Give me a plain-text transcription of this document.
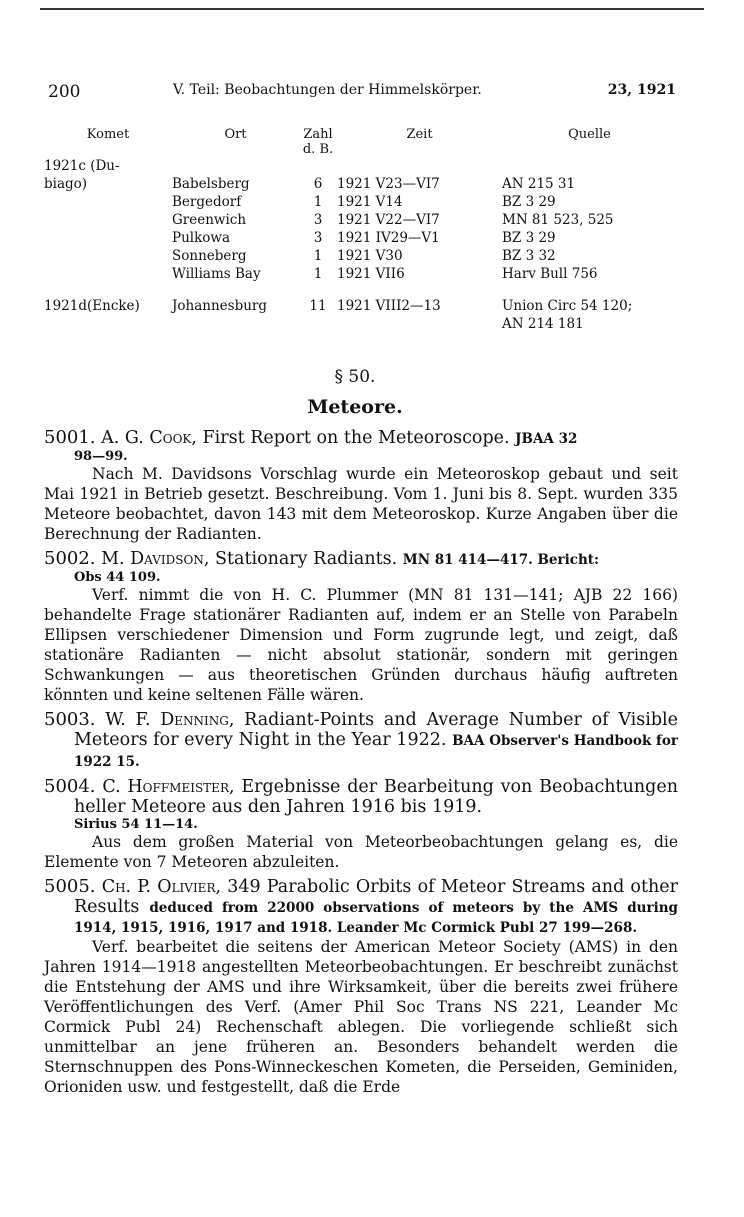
200	V. Teil: Beobachtungen der Himmelskörper.	23, 1921
Komet	Ort	Zahl d. B.	Zeit	Quelle
1921c (Du-				
biago)	Babelsberg	6	1921 V23—VI7	AN 215 31
	Bergedorf	1	1921 V14	BZ 3 29
	Greenwich	3	1921 V22—VI7	MN 81 523, 525
	Pulkowa	3	1921 IV29—V1	BZ 3 29
	Sonneberg	1	1921 V30	BZ 3 32
	Williams Bay	1	1921 VII6	Harv Bull 756

1921d(Encke)	Johannesburg	11	1921 VIII2—13	Union Circ 54 120;
				AN 214 181
§ 50.
Meteore.

5001. A. G. Cook, First Report on the Meteoroscope. JBAA 32

98—99.

Nach M. Davidsons Vorschlag wurde ein Meteoroskop gebaut und seit Mai 1921 in Betrieb gesetzt. Beschreibung. Vom 1. Juni bis 8. Sept. wurden 335 Meteore beobachtet, davon 143 mit dem Meteoroskop. Kurze Angaben über die Berechnung der Radianten.

5002. M. Davidson, Stationary Radiants. MN 81 414—417. Bericht:

Obs 44 109.

Verf. nimmt die von H. C. Plummer (MN 81 131—141; AJB 22 166) behandelte Frage stationärer Radianten auf, indem er an Stelle von Parabeln Ellipsen verschiedener Dimension und Form zugrunde legt, und zeigt, daß stationäre Radianten — nicht absolut stationär, sondern mit geringen Schwankungen — aus theoretischen Gründen durchaus häufig auftreten könnten und keine seltenen Fälle wären.

5003. W. F. Denning, Radiant-Points and Average Number of Visible Meteors for every Night in the Year 1922. BAA Observer's Handbook for 1922 15.

5004. C. Hoffmeister, Ergebnisse der Bearbeitung von Beobachtungen heller Meteore aus den Jahren 1916 bis 1919.

Sirius 54 11—14.

Aus dem großen Material von Meteorbeobachtungen gelang es, die Elemente von 7 Meteoren abzuleiten.

5005. Ch. P. Olivier, 349 Parabolic Orbits of Meteor Streams and other Results deduced from 22000 observations of meteors by the AMS during 1914, 1915, 1916, 1917 and 1918. Leander Mc Cormick Publ 27 199—268.

Verf. bearbeitet die seitens der American Meteor Society (AMS) in den Jahren 1914—1918 angestellten Meteorbeobachtungen. Er beschreibt zunächst die Entstehung der AMS und ihre Wirksamkeit, über die bereits zwei frühere Veröffentlichungen des Verf. (Amer Phil Soc Trans NS 221, Leander Mc Cormick Publ 24) Rechenschaft ablegen. Die vorliegende schließt sich unmittelbar an jene früheren an. Besonders behandelt werden die Sternschnuppen des Pons-Winneckeschen Kometen, die Perseiden, Geminiden, Orioniden usw. und festgestellt, daß die Erde
